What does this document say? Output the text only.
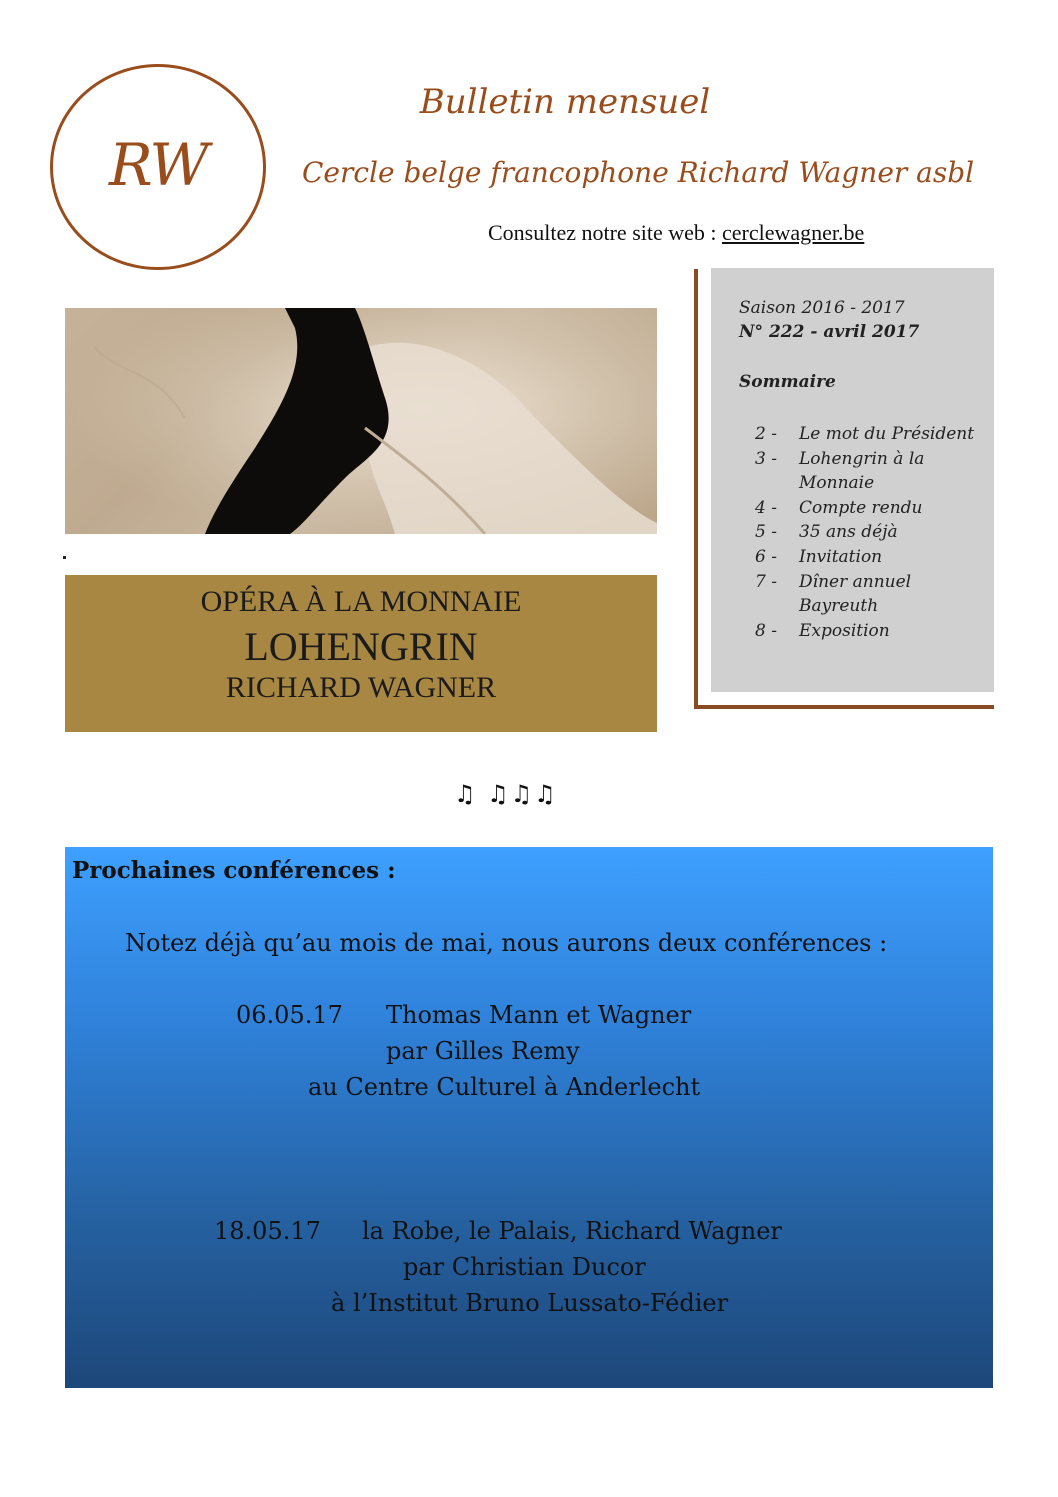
RW
Bulletin mensuel
Cercle belge francophone Richard Wagner asbl
Consultez notre site web : cerclewagner.be
OPÉRA À LA MONNAIE
LOHENGRIN
RICHARD WAGNER
Saison 2016 - 2017
N° 222 - avril 2017
Sommaire
2 -	Le mot du Président
3 -	Lohengrin à la Monnaie
4 -	Compte rendu
5 -	35 ans déjà
6 -	Invitation
7 -	Dîner annuel Bayreuth
8 -	Exposition
♫ ♫♫♫
Prochaines conférences :
Notez déjà qu’au mois de mai, nous aurons deux conférences :
06.05.17 Thomas Mann et Wagner
par Gilles Remy
au Centre Culturel à Anderlecht
18.05.17 la Robe, le Palais, Richard Wagner
par Christian Ducor
à l’Institut Bruno Lussato-Fédier
